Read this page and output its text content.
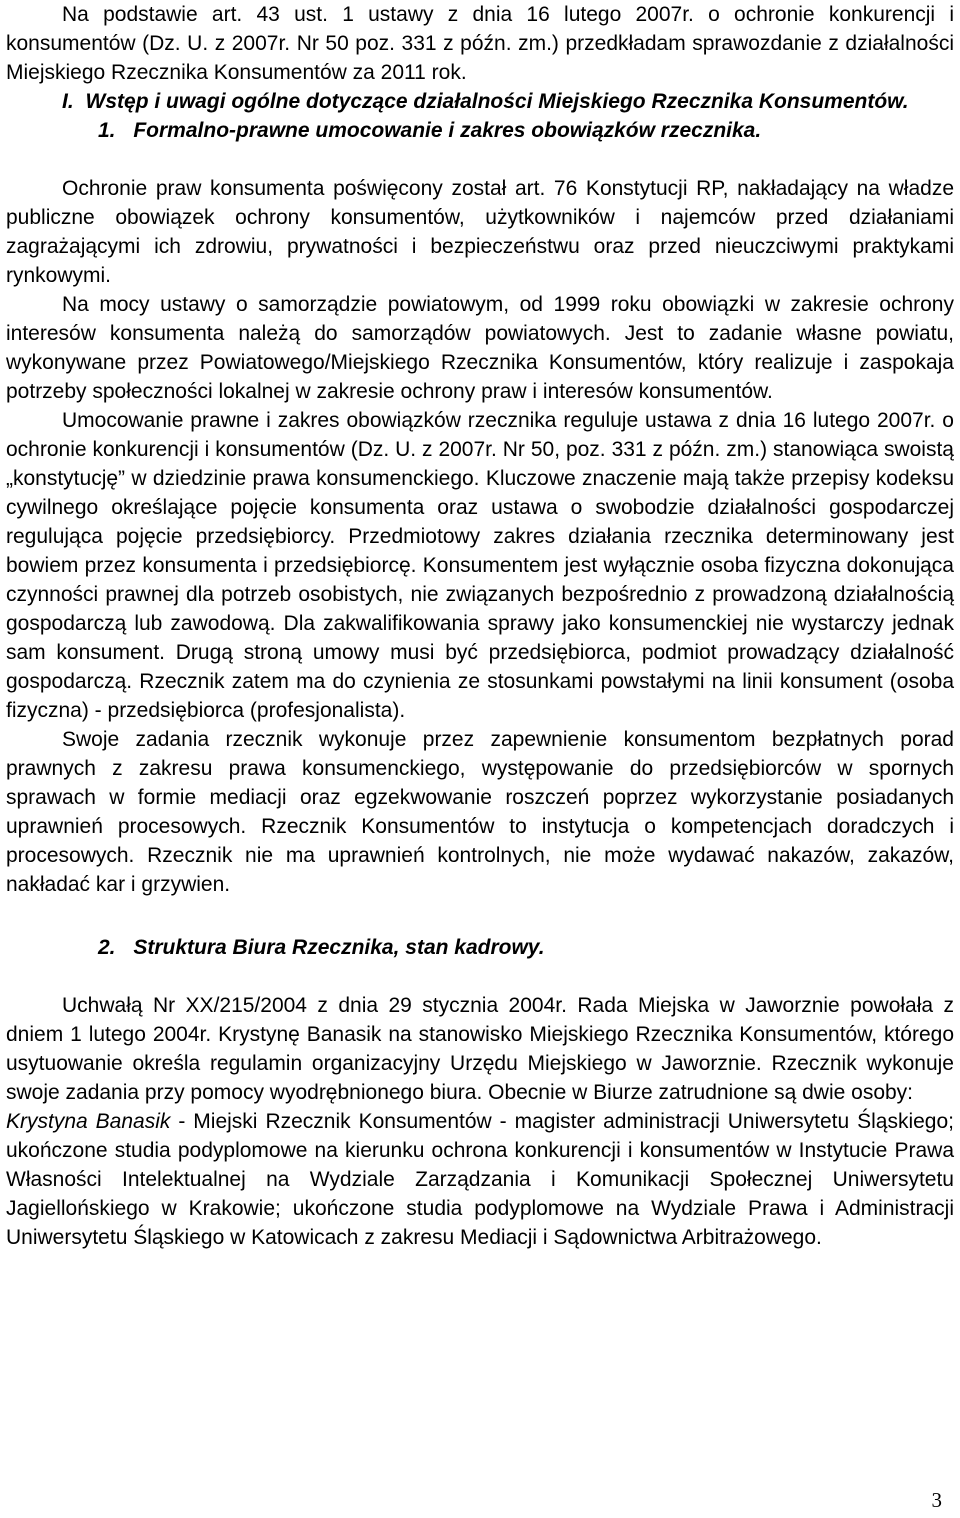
Na podstawie art. 43 ust. 1 ustawy z dnia 16 lutego 2007r. o ochronie konkurencji i konsumentów (Dz. U. z 2007r. Nr 50 poz. 331 z późn. zm.) przedkładam sprawozdanie z działalności Miejskiego Rzecznika Konsumentów za 2011 rok.

I. Wstęp i uwagi ogólne dotyczące działalności Miejskiego Rzecznika Konsumentów.
1. Formalno-prawne umocowanie i zakres obowiązków rzecznika.

Ochronie praw konsumenta poświęcony został art. 76 Konstytucji RP, nakładający na władze publiczne obowiązek ochrony konsumentów, użytkowników i najemców przed działaniami zagrażającymi ich zdrowiu, prywatności i bezpieczeństwu oraz przed nieuczciwymi praktykami rynkowymi.

Na mocy ustawy o samorządzie powiatowym, od 1999 roku obowiązki w zakresie ochrony interesów konsumenta należą do samorządów powiatowych. Jest to zadanie własne powiatu, wykonywane przez Powiatowego/Miejskiego Rzecznika Konsumentów, który realizuje i zaspokaja potrzeby społeczności lokalnej w zakresie ochrony praw i interesów konsumentów.

Umocowanie prawne i zakres obowiązków rzecznika reguluje ustawa z dnia 16 lutego 2007r. o ochronie konkurencji i konsumentów (Dz. U. z 2007r. Nr 50, poz. 331 z późn. zm.) stanowiąca swoistą „konstytucję” w dziedzinie prawa konsumenckiego. Kluczowe znaczenie mają także przepisy kodeksu cywilnego określające pojęcie konsumenta oraz ustawa o swobodzie działalności gospodarczej regulująca pojęcie przedsiębiorcy. Przedmiotowy zakres działania rzecznika determinowany jest bowiem przez konsumenta i przedsiębiorcę. Konsumentem jest wyłącznie osoba fizyczna dokonująca czynności prawnej dla potrzeb osobistych, nie związanych bezpośrednio z prowadzoną działalnością gospodarczą lub zawodową. Dla zakwalifikowania sprawy jako konsumenckiej nie wystarczy jednak sam konsument. Drugą stroną umowy musi być przedsiębiorca, podmiot prowadzący działalność gospodarczą. Rzecznik zatem ma do czynienia ze stosunkami powstałymi na linii konsument (osoba fizyczna) - przedsiębiorca (profesjonalista).

Swoje zadania rzecznik wykonuje przez zapewnienie konsumentom bezpłatnych porad prawnych z zakresu prawa konsumenckiego, występowanie do przedsiębiorców w spornych sprawach w formie mediacji oraz egzekwowanie roszczeń poprzez wykorzystanie posiadanych uprawnień procesowych. Rzecznik Konsumentów to instytucja o kompetencjach doradczych i procesowych. Rzecznik nie ma uprawnień kontrolnych, nie może wydawać nakazów, zakazów, nakładać kar i grzywien.

2. Struktura Biura Rzecznika, stan kadrowy.

Uchwałą Nr XX/215/2004 z dnia 29 stycznia 2004r. Rada Miejska w Jaworznie powołała z dniem 1 lutego 2004r. Krystynę Banasik na stanowisko Miejskiego Rzecznika Konsumentów, którego usytuowanie określa regulamin organizacyjny Urzędu Miejskiego w Jaworznie. Rzecznik wykonuje swoje zadania przy pomocy wyodrębnionego biura. Obecnie w Biurze zatrudnione są dwie osoby:

Krystyna Banasik - Miejski Rzecznik Konsumentów - magister administracji Uniwersytetu Śląskiego; ukończone studia podyplomowe na kierunku ochrona konkurencji i konsumentów w Instytucie Prawa Własności Intelektualnej na Wydziale Zarządzania i Komunikacji Społecznej Uniwersytetu Jagiellońskiego w Krakowie; ukończone studia podyplomowe na Wydziale Prawa i Administracji Uniwersytetu Śląskiego w Katowicach z zakresu Mediacji i Sądownictwa Arbitrażowego.

3
